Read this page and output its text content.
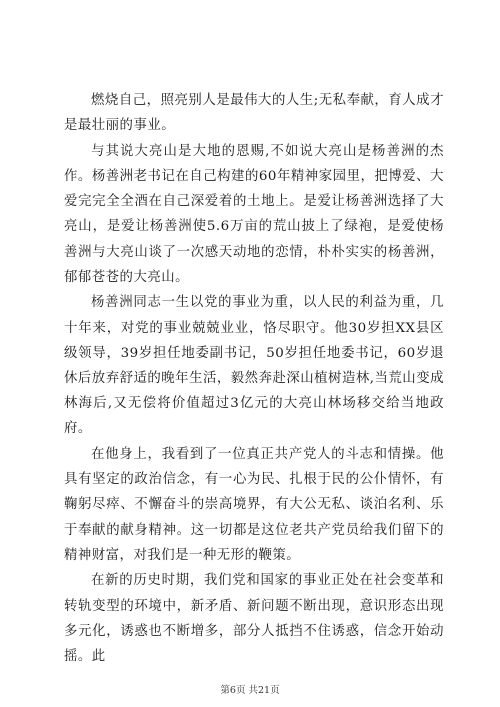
燃烧自己，照亮别人是最伟大的人生;无私奉献，育人成才是最壮丽的事业。

与其说大亮山是大地的恩赐,不如说大亮山是杨善洲的杰作。杨善洲老书记在自己构建的60年精神家园里，把博爱、大爱完完全全酒在自己深爱着的土地上。是爱让杨善洲选择了大亮山，是爱让杨善洲使5.6万亩的荒山披上了绿袍，是爱使杨善洲与大亮山谈了一次感天动地的恋情，朴朴实实的杨善洲，郁郁苍苍的大亮山。

杨善洲同志一生以党的事业为重，以人民的利益为重，几十年来，对党的事业兢兢业业，恪尽职守。他30岁担XX县区级领导，39岁担任地委副书记，50岁担任地委书记，60岁退休后放弃舒适的晚年生活，毅然奔赴深山植树造林,当荒山变成林海后,又无偿将价值超过3亿元的大亮山林场移交给当地政府。

在他身上，我看到了一位真正共产党人的斗志和情操。他具有坚定的政治信念，有一心为民、扎根于民的公仆情怀，有鞠躬尽瘁、不懈奋斗的崇高境界，有大公无私、谈泊名利、乐于奉献的献身精神。这一切都是这位老共产党员给我们留下的精神财富，对我们是一种无形的鞭策。

在新的历史时期，我们党和国家的事业正处在社会变革和转轨变型的环境中，新矛盾、新问题不断出现，意识形态出现多元化，诱惑也不断增多，部分人抵挡不住诱惑，信念开始动摇。此

第6页 共21页
